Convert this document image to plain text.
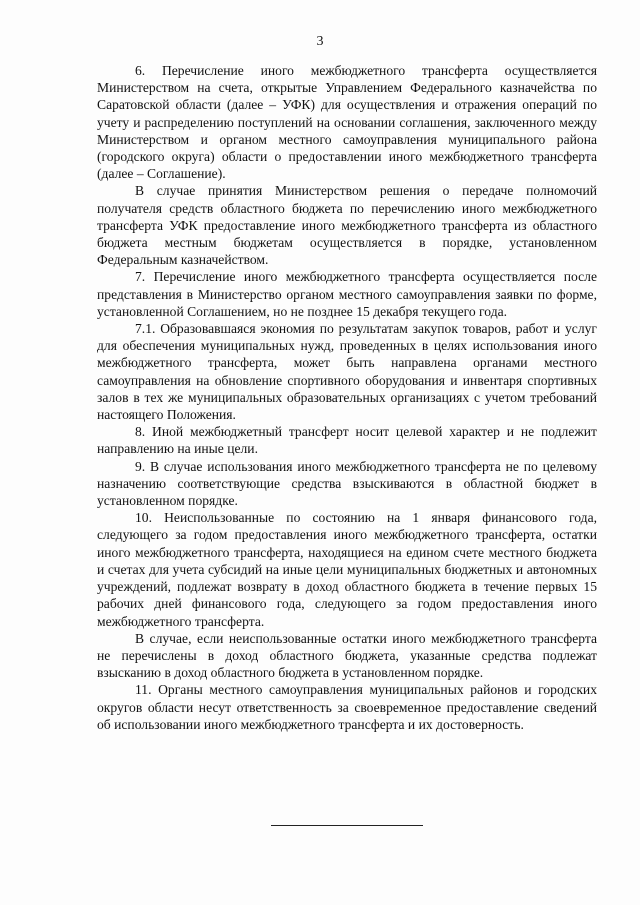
3

6. Перечисление иного межбюджетного трансферта осуществляется Министерством на счета, открытые Управлением Федерального казначейства по Саратовской области (далее – УФК) для осуществления и отражения операций по учету и распределению поступлений на основании соглашения, заключенного между Министерством и органом местного самоуправления муниципального района (городского округа) области о предоставлении иного межбюджетного трансферта (далее – Соглашение).

В случае принятия Министерством решения о передаче полномочий получателя средств областного бюджета по перечислению иного межбюджетного трансферта УФК предоставление иного межбюджетного трансферта из областного бюджета местным бюджетам осуществляется в порядке, установленном Федеральным казначейством.

7. Перечисление иного межбюджетного трансферта осуществляется после представления в Министерство органом местного самоуправления заявки по форме, установленной Соглашением, но не позднее 15 декабря текущего года.

7.1. Образовавшаяся экономия по результатам закупок товаров, работ и услуг для обеспечения муниципальных нужд, проведенных в целях использования иного межбюджетного трансферта, может быть направлена органами местного самоуправления на обновление спортивного оборудования и инвентаря спортивных залов в тех же муниципальных образовательных организациях с учетом требований настоящего Положения.

8. Иной межбюджетный трансферт носит целевой характер и не подлежит направлению на иные цели.

9. В случае использования иного межбюджетного трансферта не по целевому назначению соответствующие средства взыскиваются в областной бюджет в установленном порядке.

10. Неиспользованные по состоянию на 1 января финансового года, следующего за годом предоставления иного межбюджетного трансферта, остатки иного межбюджетного трансферта, находящиеся на едином счете местного бюджета и счетах для учета субсидий на иные цели муниципальных бюджетных и автономных учреждений, подлежат возврату в доход областного бюджета в течение первых 15 рабочих дней финансового года, следующего за годом предоставления иного межбюджетного трансферта.

В случае, если неиспользованные остатки иного межбюджетного трансферта не перечислены в доход областного бюджета, указанные средства подлежат взысканию в доход областного бюджета в установленном порядке.

11. Органы местного самоуправления муниципальных районов и городских округов области несут ответственность за своевременное предоставление сведений об использовании иного межбюджетного трансферта и их достоверность.
